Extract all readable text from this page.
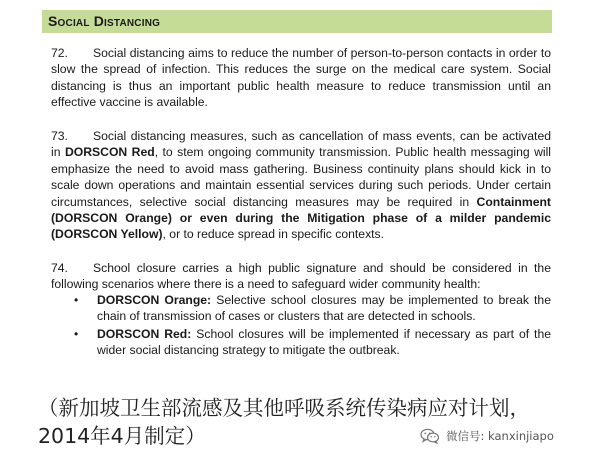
Social Distancing
72. Social distancing aims to reduce the number of person-to-person contacts in order to slow the spread of infection. This reduces the surge on the medical care system. Social distancing is thus an important public health measure to reduce transmission until an effective vaccine is available.
73. Social distancing measures, such as cancellation of mass events, can be activated in DORSCON Red, to stem ongoing community transmission. Public health messaging will emphasize the need to avoid mass gathering. Business continuity plans should kick in to scale down operations and maintain essential services during such periods. Under certain circumstances, selective social distancing measures may be required in Containment (DORSCON Orange) or even during the Mitigation phase of a milder pandemic (DORSCON Yellow), or to reduce spread in specific contexts.
74. School closure carries a high public signature and should be considered in the following scenarios where there is a need to safeguard wider community health:
• DORSCON Orange: Selective school closures may be implemented to break the chain of transmission of cases or clusters that are detected in schools.
• DORSCON Red: School closures will be implemented if necessary as part of the wider social distancing strategy to mitigate the outbreak.
（新加坡卫生部流感及其他呼吸系统传染病应对计划，2014年4月制定）	微信号: kanxinjiapo
